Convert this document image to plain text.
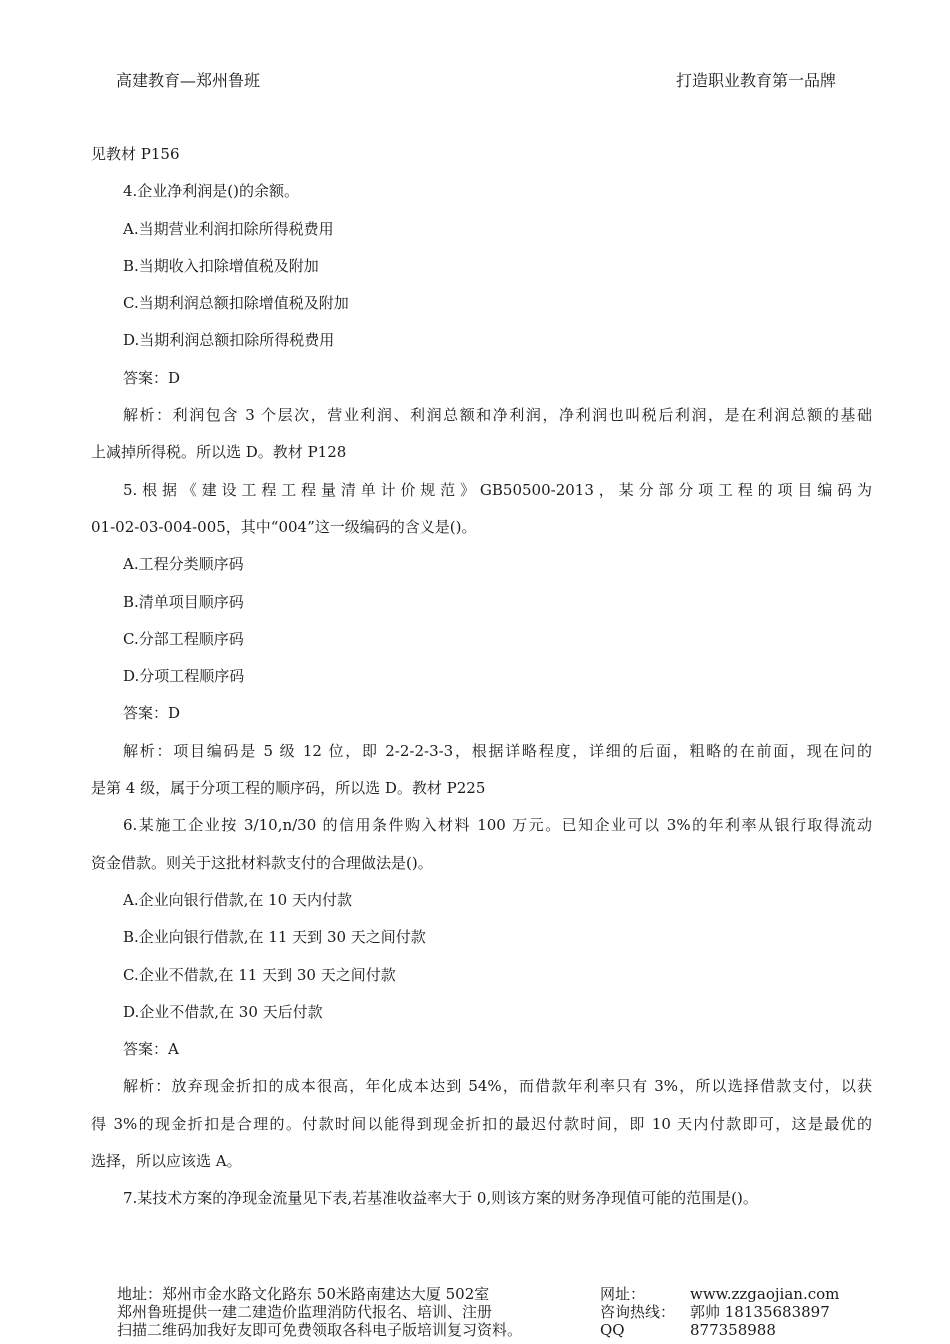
高建教育—郑州鲁班	打造职业教育第一品牌

见教材 P156

4.企业净利润是()的余额。

A.当期营业利润扣除所得税费用

B.当期收入扣除增值税及附加

C.当期利润总额扣除增值税及附加

D.当期利润总额扣除所得税费用

答案：D

解析：利润包含 3 个层次，营业利润、利润总额和净利润，净利润也叫税后利润，是在利润总额的基础

上减掉所得税。所以选 D。教材 P128

5.根据《建设工程工程量清单计价规范》GB50500-2013，某分部分项工程的项目编码为

01-02-03-004-005，其中“004”这一级编码的含义是()。

A.工程分类顺序码

B.清单项目顺序码

C.分部工程顺序码

D.分项工程顺序码

答案：D

解析：项目编码是 5 级 12 位，即 2-2-2-3-3，根据详略程度，详细的后面，粗略的在前面，现在问的

是第 4 级，属于分项工程的顺序码，所以选 D。教材 P225

6.某施工企业按 3/10,n/30 的信用条件购入材料 100 万元。已知企业可以 3%的年利率从银行取得流动

资金借款。则关于这批材料款支付的合理做法是()。

A.企业向银行借款,在 10 天内付款

B.企业向银行借款,在 11 天到 30 天之间付款

C.企业不借款,在 11 天到 30 天之间付款

D.企业不借款,在 30 天后付款

答案：A

解析：放弃现金折扣的成本很高，年化成本达到 54%，而借款年利率只有 3%，所以选择借款支付，以获

得 3%的现金折扣是合理的。付款时间以能得到现金折扣的最迟付款时间，即 10 天内付款即可，这是最优的

选择，所以应该选 A。

7.某技术方案的净现金流量见下表,若基准收益率大于 0,则该方案的财务净现值可能的范围是()。

地址：郑州市金水路文化路东 50米路南建达大厦 502室	网址：	www.zzgaojian.com
郑州鲁班提供一建二建造价监理消防代报名、培训、注册	咨询热线： 郭帅 18135683897
扫描二维码加我好友即可免费领取各科电子版培训复习资料。	QQ	877358988
